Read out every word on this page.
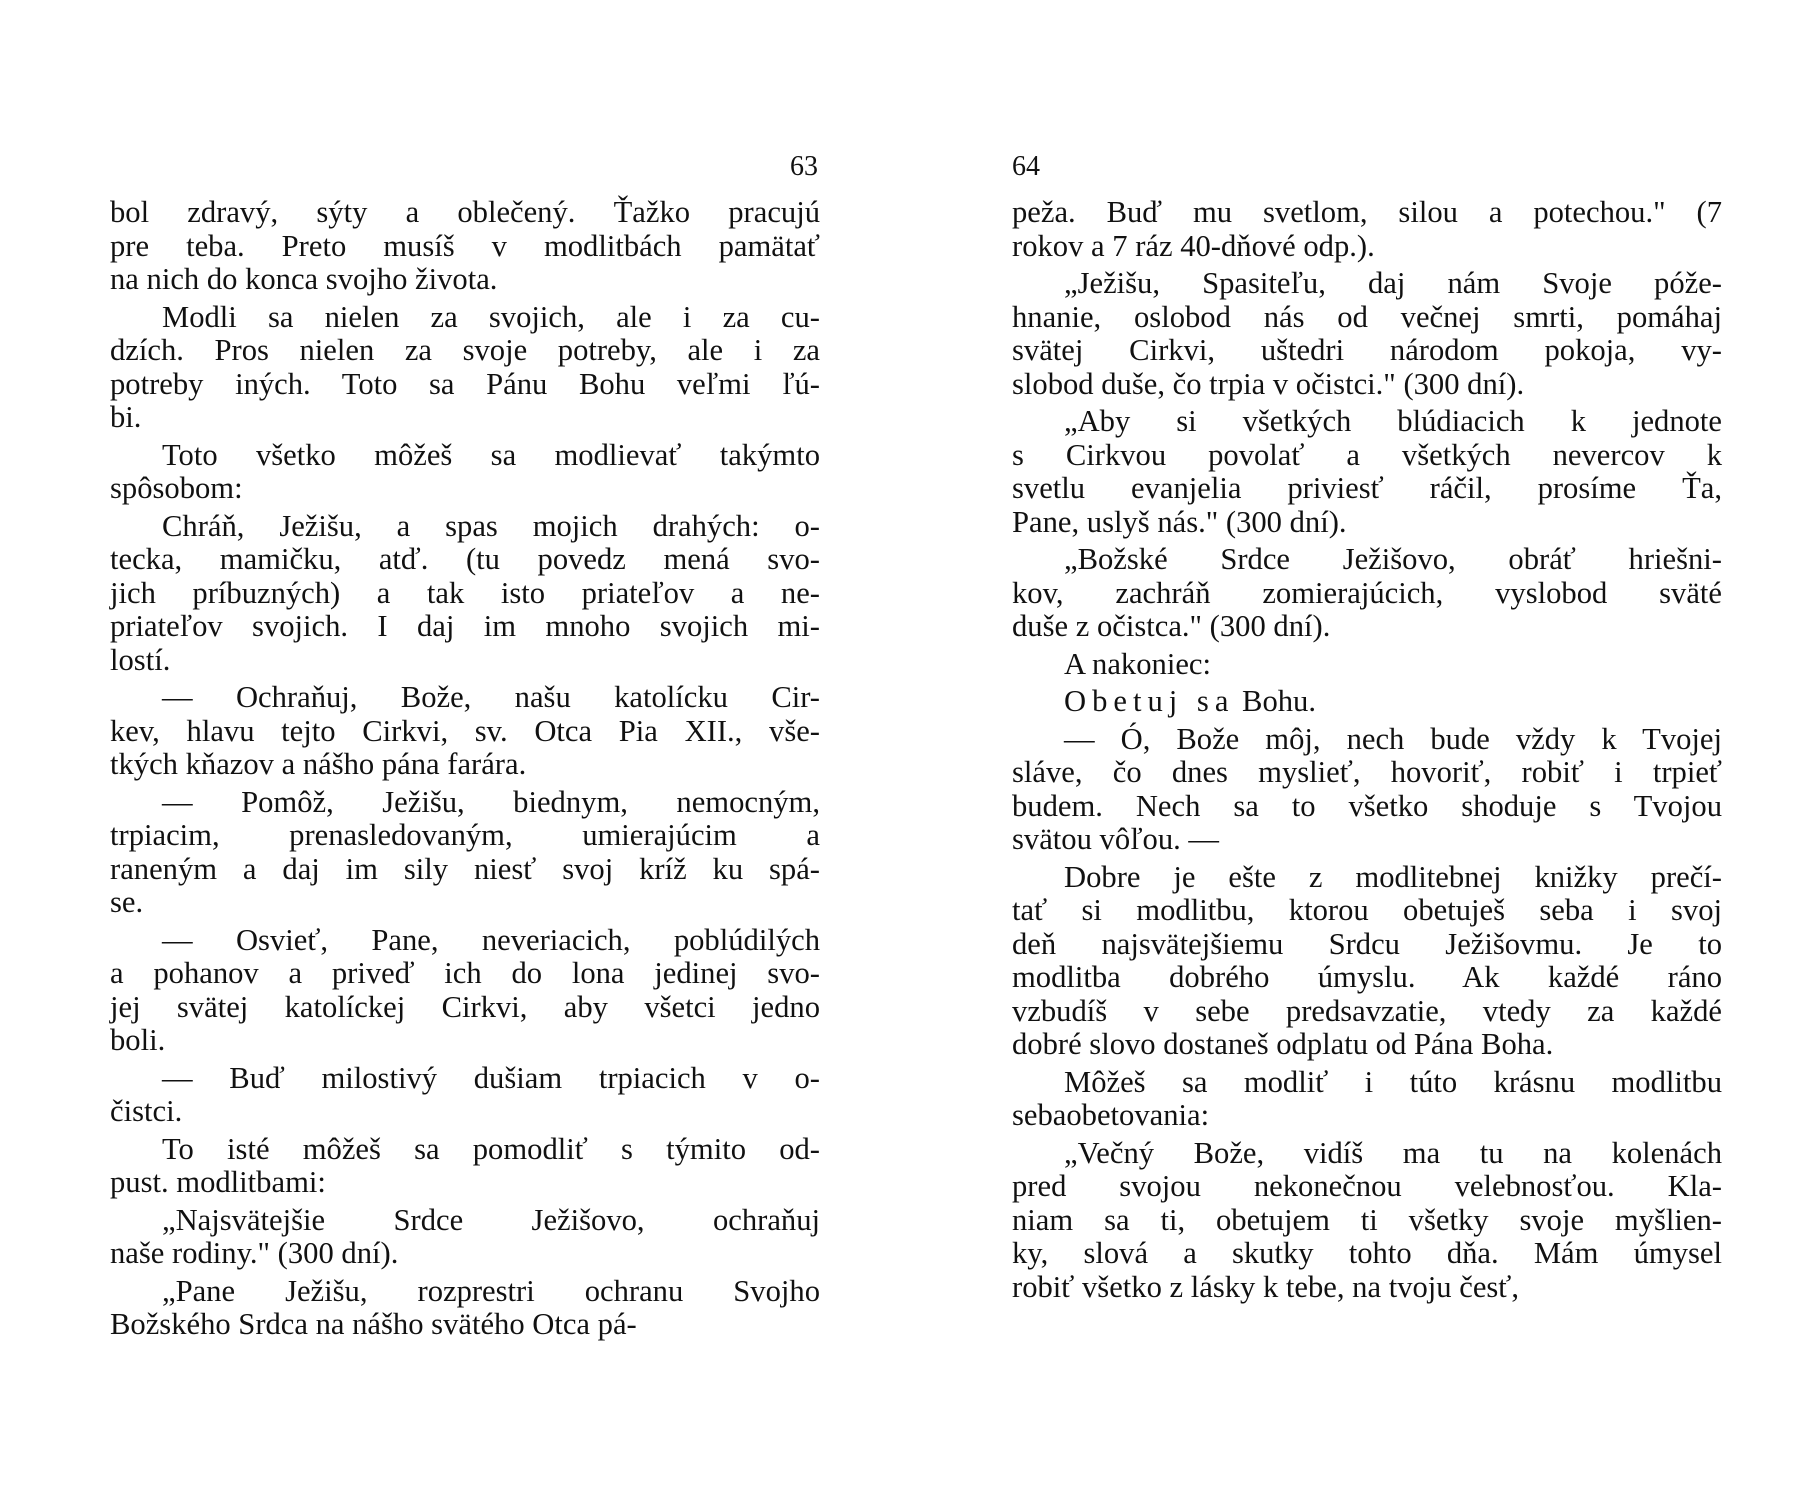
63
bol zdravý, sýty a oblečený. Ťažko pracujú
pre teba. Preto musíš v modlitbách pamätať
na nich do konca svojho života.
Modli sa nielen za svojich, ale i za cu-
dzích. Pros nielen za svoje potreby, ale i za
potreby iných. Toto sa Pánu Bohu veľmi ľú-
bi.
Toto všetko môžeš sa modlievať takýmto
spôsobom:
Chráň, Ježišu, a spas mojich drahých: o-
tecka, mamičku, atď. (tu povedz mená svo-
jich príbuzných) a tak isto priateľov a ne-
priateľov svojich. I daj im mnoho svojich mi-
lostí.
— Ochraňuj, Bože, našu katolícku Cir-
kev, hlavu tejto Cirkvi, sv. Otca Pia XII., vše-
tkých kňazov a nášho pána farára.
— Pomôž, Ježišu, biednym, nemocným,
trpiacim, prenasledovaným, umierajúcim a
raneným a daj im sily niesť svoj kríž ku spá-
se.
— Osvieť, Pane, neveriacich, poblúdilých
a pohanov a priveď ich do lona jedinej svo-
jej svätej katolíckej Cirkvi, aby všetci jedno
boli.
— Buď milostivý dušiam trpiacich v o-
čistci.
To isté môžeš sa pomodliť s týmito od-
pust. modlitbami:
„Najsvätejšie Srdce Ježišovo, ochraňuj
naše rodiny." (300 dní).
„Pane Ježišu, rozprestri ochranu Svojho
Božského Srdca na nášho svätého Otca pá-
64
peža. Buď mu svetlom, silou a potechou." (7
rokov a 7 ráz 40-dňové odp.).
„Ježišu, Spasiteľu, daj nám Svoje póže-
hnanie, oslobod nás od večnej smrti, pomáhaj
svätej Cirkvi, uštedri národom pokoja, vy-
slobod duše, čo trpia v očistci." (300 dní).
„Aby si všetkých blúdiacich k jednote
s Cirkvou povolať a všetkých nevercov k
svetlu evanjelia priviesť ráčil, prosíme Ťa,
Pane, uslyš nás." (300 dní).
„Božské Srdce Ježišovo, obráť hriešni-
kov, zachráň zomierajúcich, vyslobod sväté
duše z očistca." (300 dní).
A nakoniec:
Obetuj sa Bohu.
— Ó, Bože môj, nech bude vždy k Tvojej
sláve, čo dnes myslieť, hovoriť, robiť i trpieť
budem. Nech sa to všetko shoduje s Tvojou
svätou vôľou. —
Dobre je ešte z modlitebnej knižky prečí-
tať si modlitbu, ktorou obetuješ seba i svoj
deň najsvätejšiemu Srdcu Ježišovmu. Je to
modlitba dobrého úmyslu. Ak každé ráno
vzbudíš v sebe predsavzatie, vtedy za každé
dobré slovo dostaneš odplatu od Pána Boha.
Môžeš sa modliť i túto krásnu modlitbu
sebaobetovania:
„Večný Bože, vidíš ma tu na kolenách
pred svojou nekonečnou velebnosťou. Kla-
niam sa ti, obetujem ti všetky svoje myšlien-
ky, slová a skutky tohto dňa. Mám úmysel
robiť všetko z lásky k tebe, na tvoju česť,
